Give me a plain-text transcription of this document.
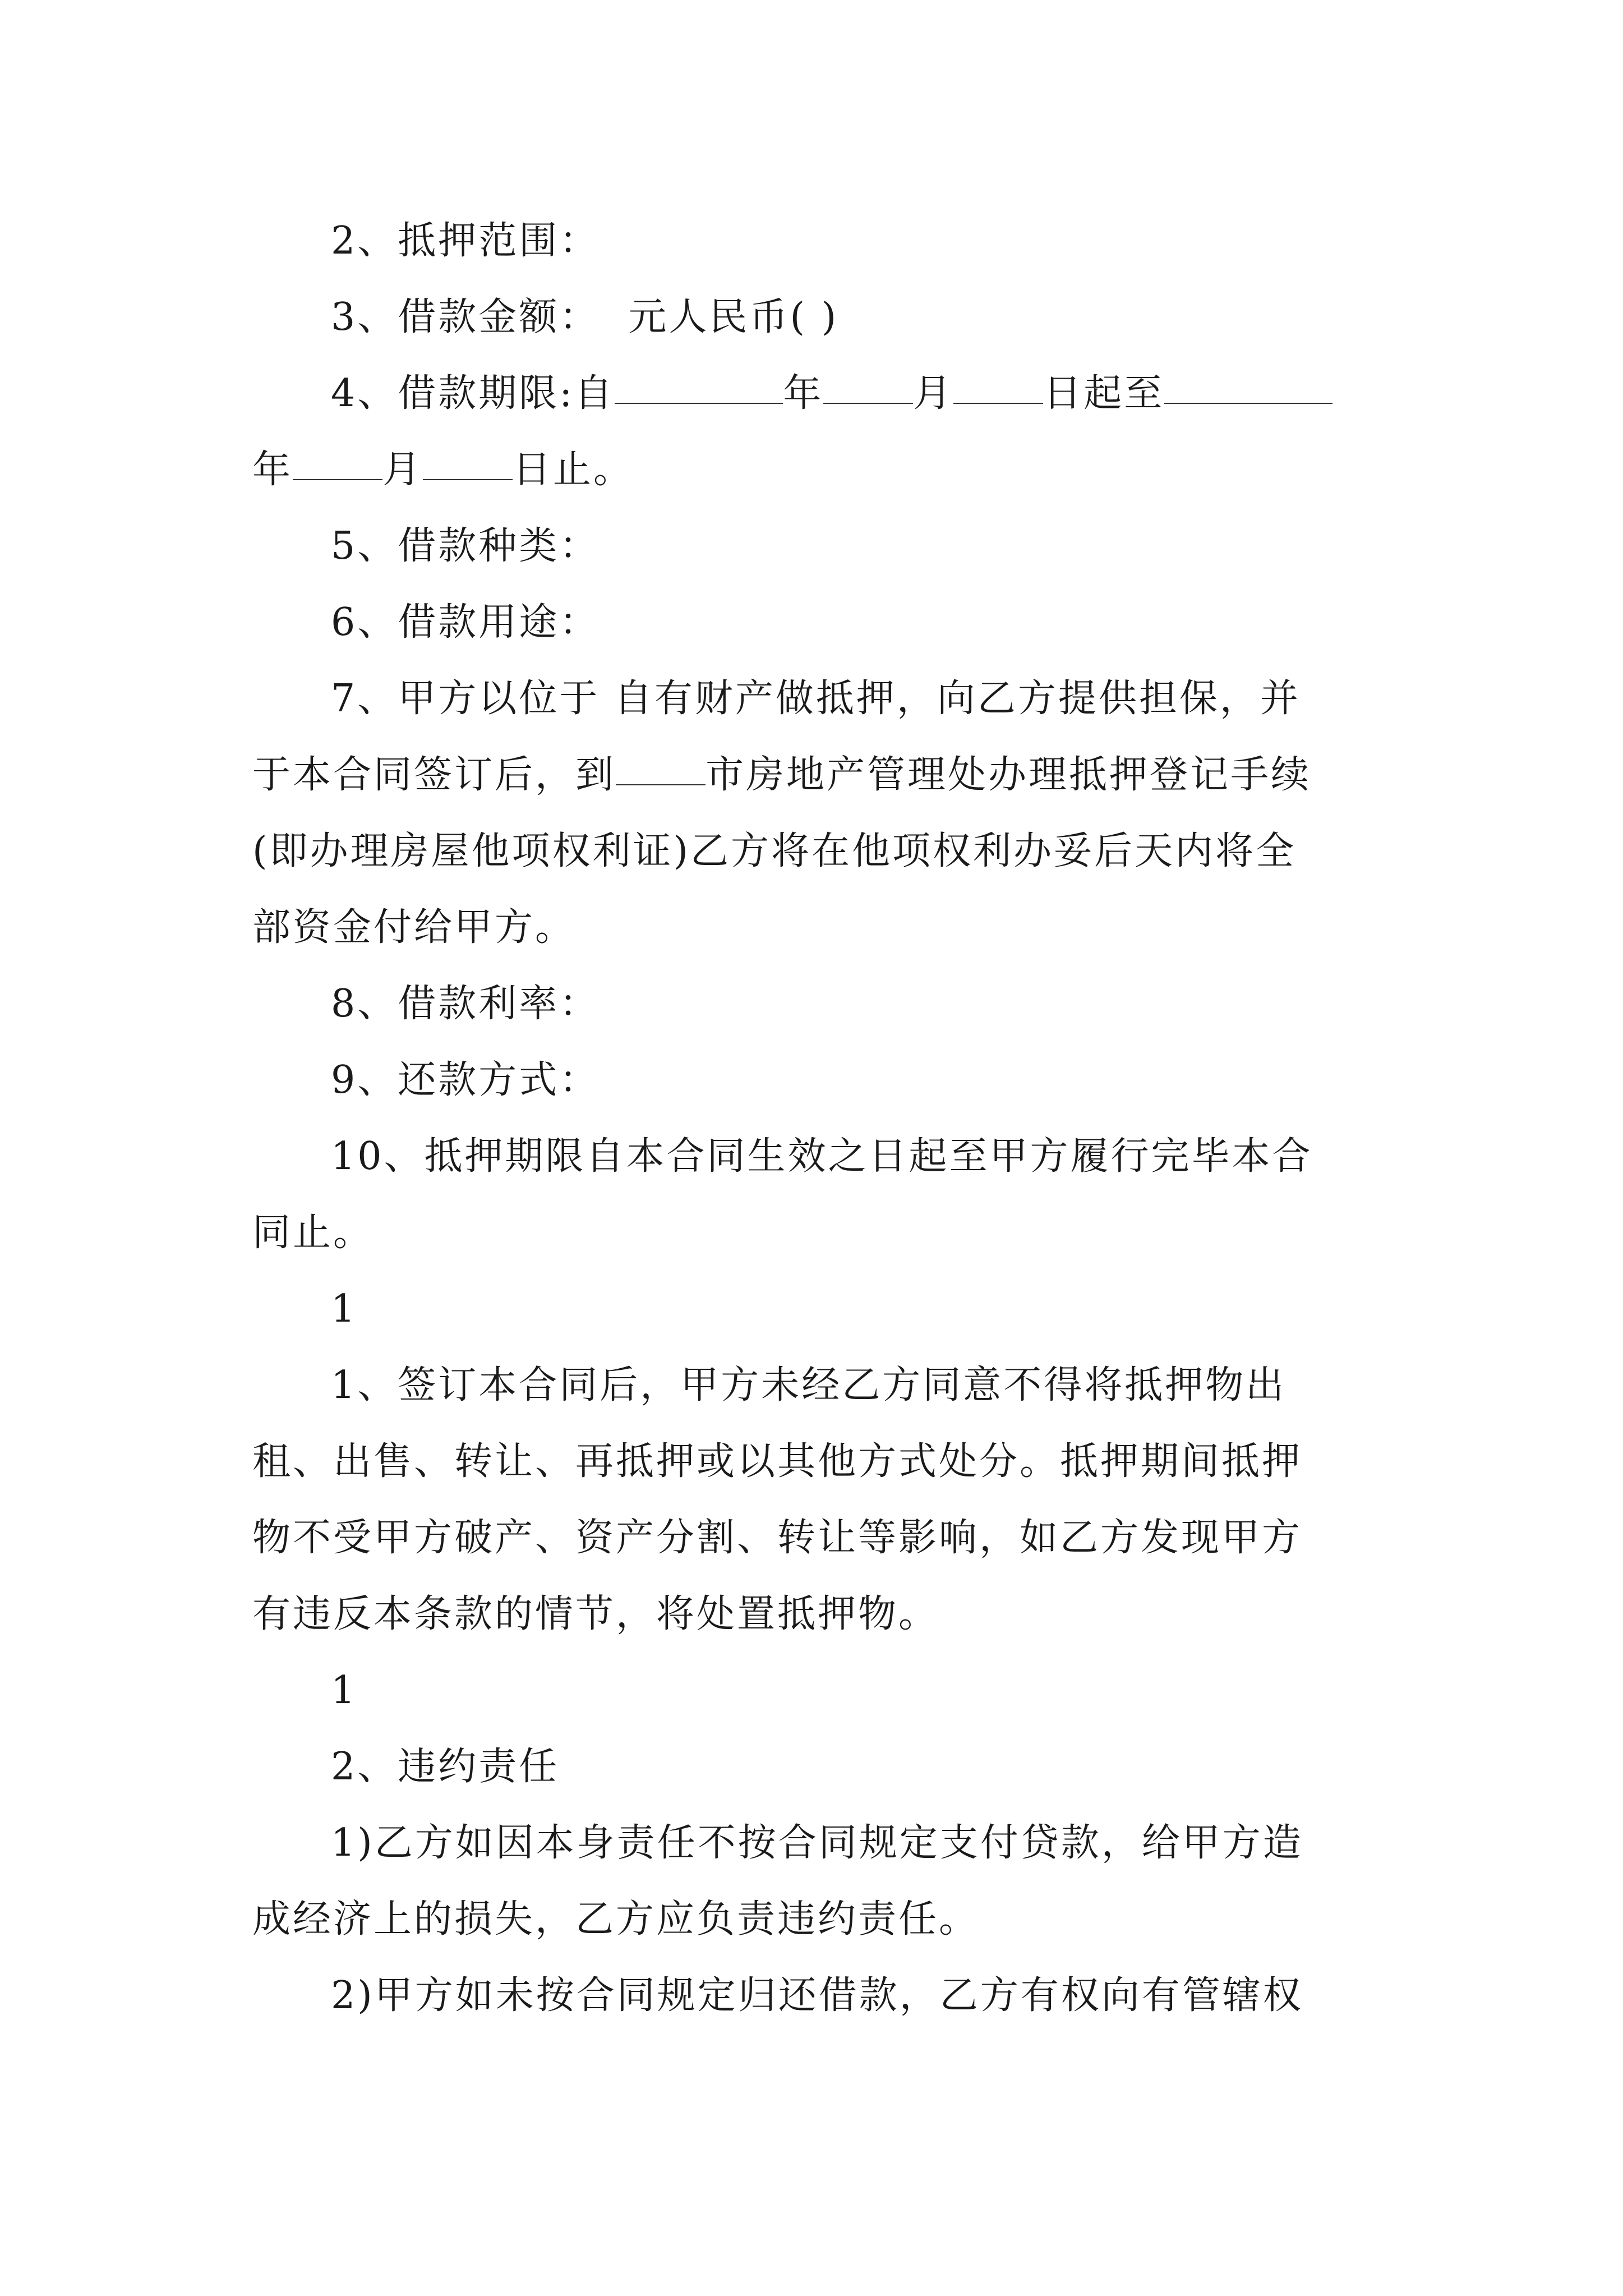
2、抵押范围：
3、借款金额：  元人民币( )
4、借款期限:自	年 月 日起至
年 月 日止。
5、借款种类：
6、借款用途：
7、甲方以位于 自有财产做抵押，向乙方提供担保，并
于本合同签订后，到 市房地产管理处办理抵押登记手续
(即办理房屋他项权利证)乙方将在他项权利办妥后天内将全
部资金付给甲方。
8、借款利率：
9、还款方式：
10、抵押期限自本合同生效之日起至甲方履行完毕本合
同止。
1
1、签订本合同后，甲方未经乙方同意不得将抵押物出
租、出售、转让、再抵押或以其他方式处分。抵押期间抵押
物不受甲方破产、资产分割、转让等影响，如乙方发现甲方
有违反本条款的情节，将处置抵押物。
1
2、违约责任
1)乙方如因本身责任不按合同规定支付贷款，给甲方造
成经济上的损失，乙方应负责违约责任。
2)甲方如未按合同规定归还借款，乙方有权向有管辖权
